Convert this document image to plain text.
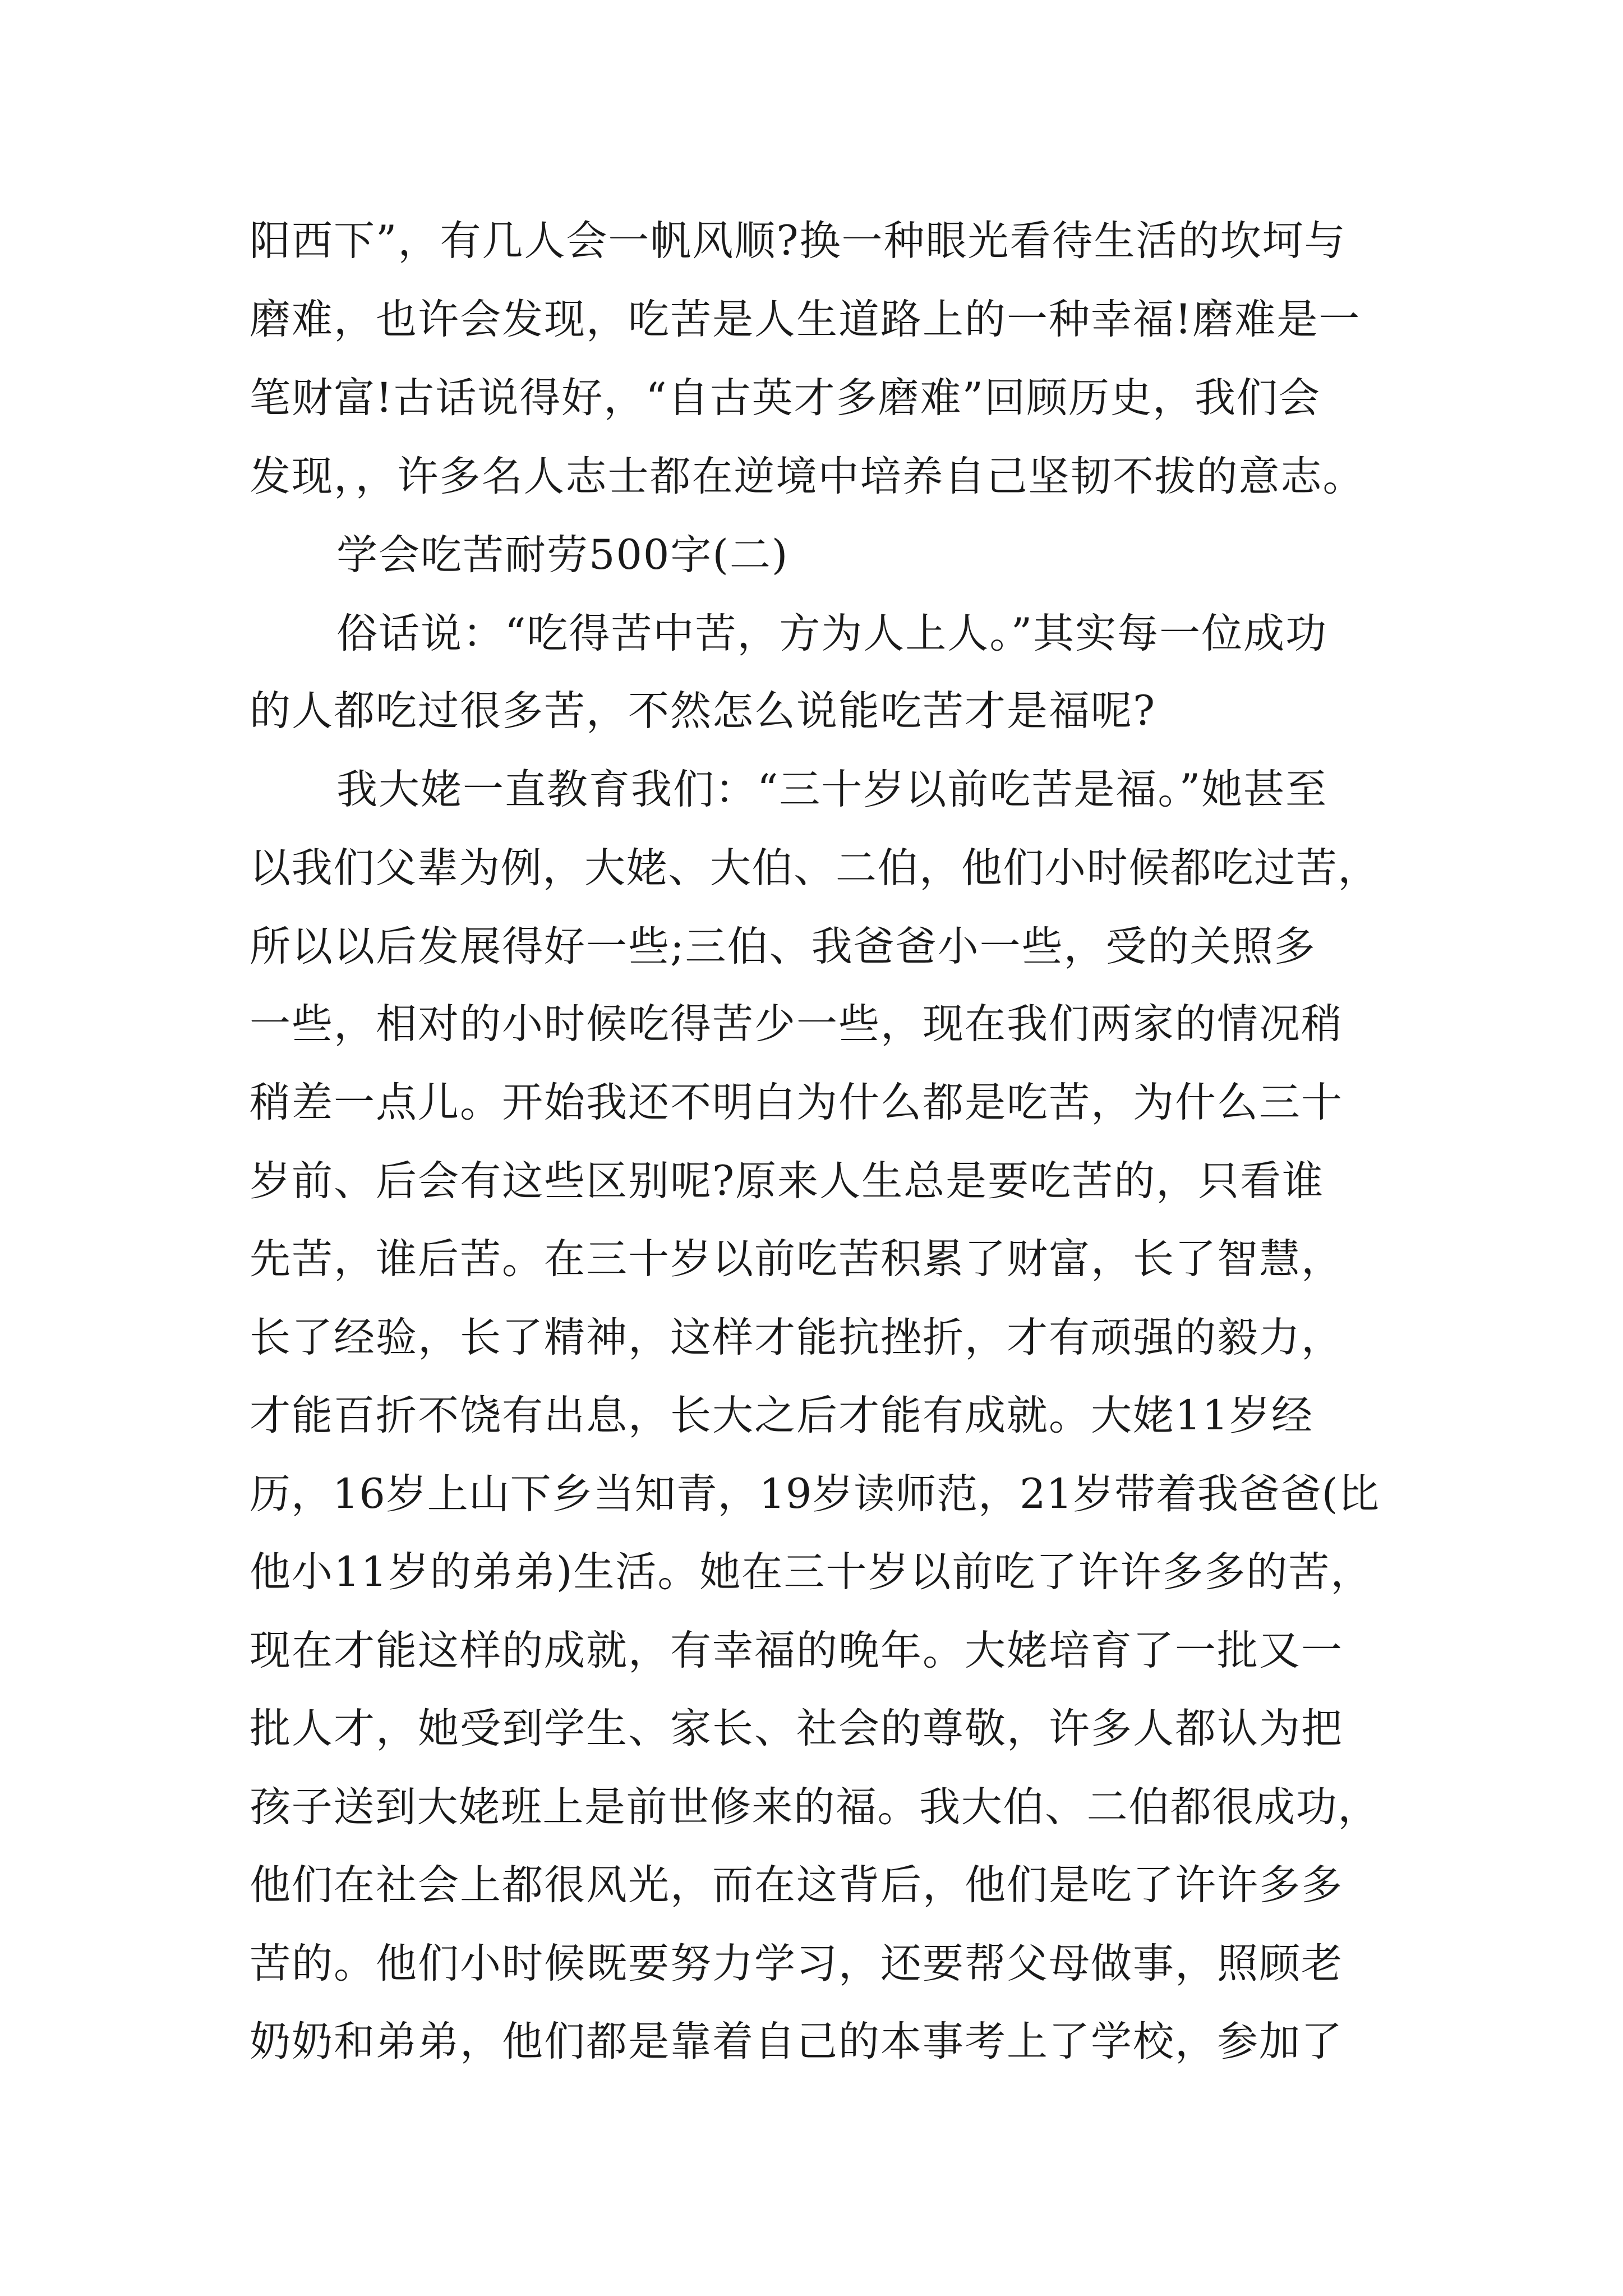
阳西下”，有几人会一帆风顺?换一种眼光看待生活的坎坷与
磨难，也许会发现，吃苦是人生道路上的一种幸福!磨难是一
笔财富!古话说得好，“自古英才多磨难”回顾历史，我们会
发现，，许多名人志士都在逆境中培养自己坚韧不拔的意志。
学会吃苦耐劳500字(二)
俗话说：“吃得苦中苦，方为人上人。”其实每一位成功
的人都吃过很多苦，不然怎么说能吃苦才是福呢?
我大姥一直教育我们：“三十岁以前吃苦是福。”她甚至
以我们父辈为例，大姥、大伯、二伯，他们小时候都吃过苦，
所以以后发展得好一些;三伯、我爸爸小一些，受的关照多
一些，相对的小时候吃得苦少一些，现在我们两家的情况稍
稍差一点儿。开始我还不明白为什么都是吃苦，为什么三十
岁前、后会有这些区别呢?原来人生总是要吃苦的，只看谁
先苦，谁后苦。在三十岁以前吃苦积累了财富，长了智慧，
长了经验，长了精神，这样才能抗挫折，才有顽强的毅力，
才能百折不饶有出息，长大之后才能有成就。大姥11岁经
历，16岁上山下乡当知青，19岁读师范，21岁带着我爸爸(比
他小11岁的弟弟)生活。她在三十岁以前吃了许许多多的苦，
现在才能这样的成就，有幸福的晚年。大姥培育了一批又一
批人才，她受到学生、家长、社会的尊敬，许多人都认为把
孩子送到大姥班上是前世修来的福。我大伯、二伯都很成功，
他们在社会上都很风光，而在这背后，他们是吃了许许多多
苦的。他们小时候既要努力学习，还要帮父母做事，照顾老
奶奶和弟弟，他们都是靠着自己的本事考上了学校，参加了
